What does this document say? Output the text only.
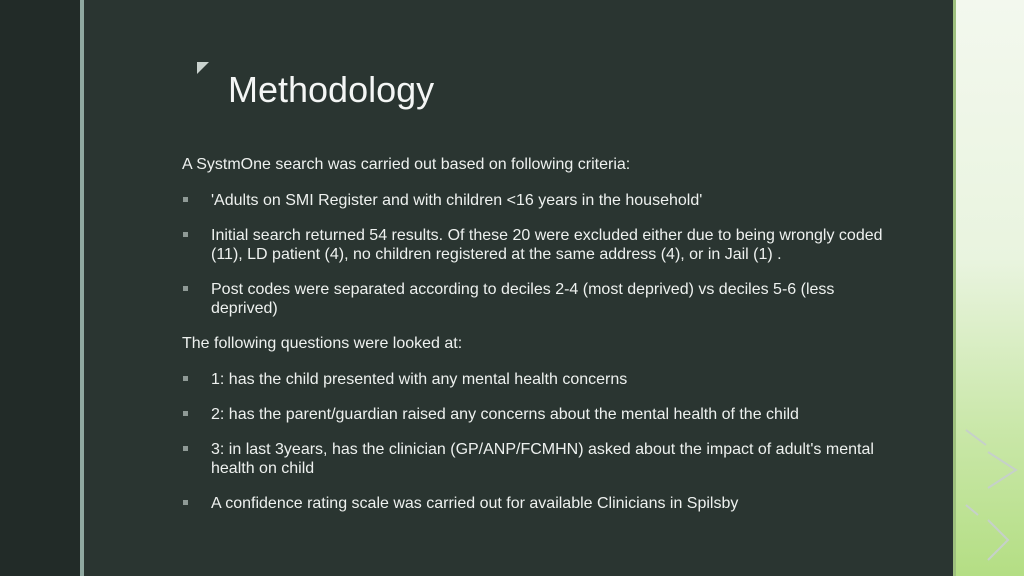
Methodology
A SystmOne search was carried out based on following criteria:
'Adults on SMI Register and with children <16 years in the household'
Initial search returned 54 results. Of these 20 were excluded either due to being wrongly coded (11), LD patient (4), no children registered at the same address (4), or in Jail (1) .
Post codes were separated according to deciles 2-4 (most deprived) vs deciles 5-6 (less deprived)
The following questions were looked at:
1: has the child presented with any mental health concerns
2: has the parent/guardian raised any concerns about the mental health of the child
3: in last 3years, has the clinician (GP/ANP/FCMHN) asked about the impact of adult's mental health on child
A confidence rating scale was carried out for available Clinicians in Spilsby
